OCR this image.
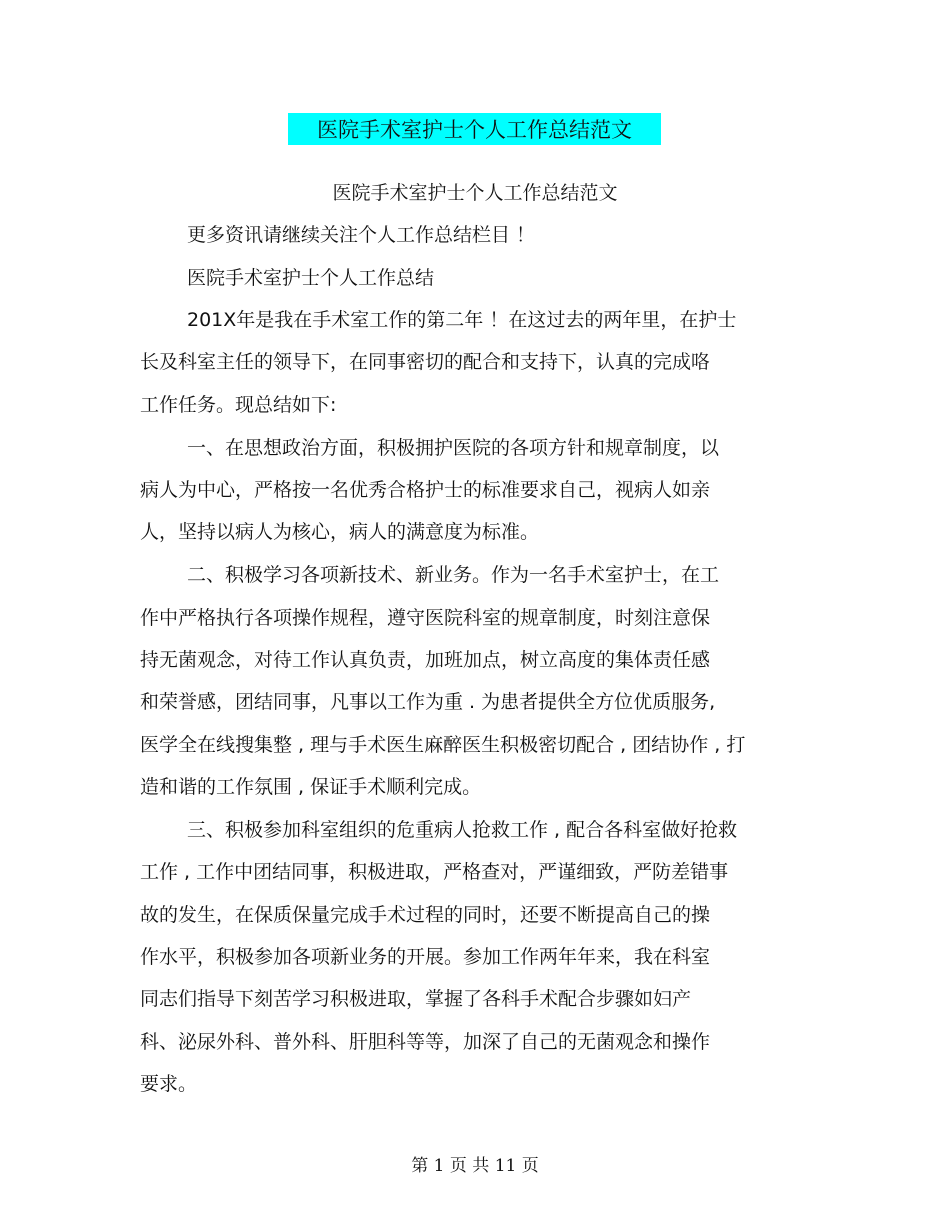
医院手术室护士个人工作总结范文
医院手术室护士个人工作总结范文
更多资讯请继续关注个人工作总结栏目 ！
医院手术室护士个人工作总结
201X年是我在手术室工作的第二年 ！在这过去的两年里，在护士
长及科室主任的领导下，在同事密切的配合和支持下，认真的完成咯
工作任务。现总结如下:
一、在思想政治方面，积极拥护医院的各项方针和规章制度，以
病人为中心，严格按一名优秀合格护士的标准要求自己，视病人如亲
人，坚持以病人为核心，病人的满意度为标准。
二、积极学习各项新技术、新业务。作为一名手术室护士，在工
作中严格执行各项操作规程，遵守医院科室的规章制度，时刻注意保
持无菌观念，对待工作认真负责，加班加点，树立高度的集体责任感
和荣誉感，团结同事，凡事以工作为重 . 为患者提供全方位优质服务,
医学全在线搜集整 , 理与手术医生麻醉医生积极密切配合 , 团结协作 , 打
造和谐的工作氛围 , 保证手术顺利完成。
三、积极参加科室组织的危重病人抢救工作 , 配合各科室做好抢救
工作 , 工作中团结同事，积极进取，严格查对，严谨细致，严防差错事
故的发生，在保质保量完成手术过程的同时，还要不断提高自己的操
作水平，积极参加各项新业务的开展。参加工作两年年来，我在科室
同志们指导下刻苦学习积极进取，掌握了各科手术配合步骤如妇产
科、泌尿外科、普外科、肝胆科等等，加深了自己的无菌观念和操作
要求。
第 1 页 共 11 页
